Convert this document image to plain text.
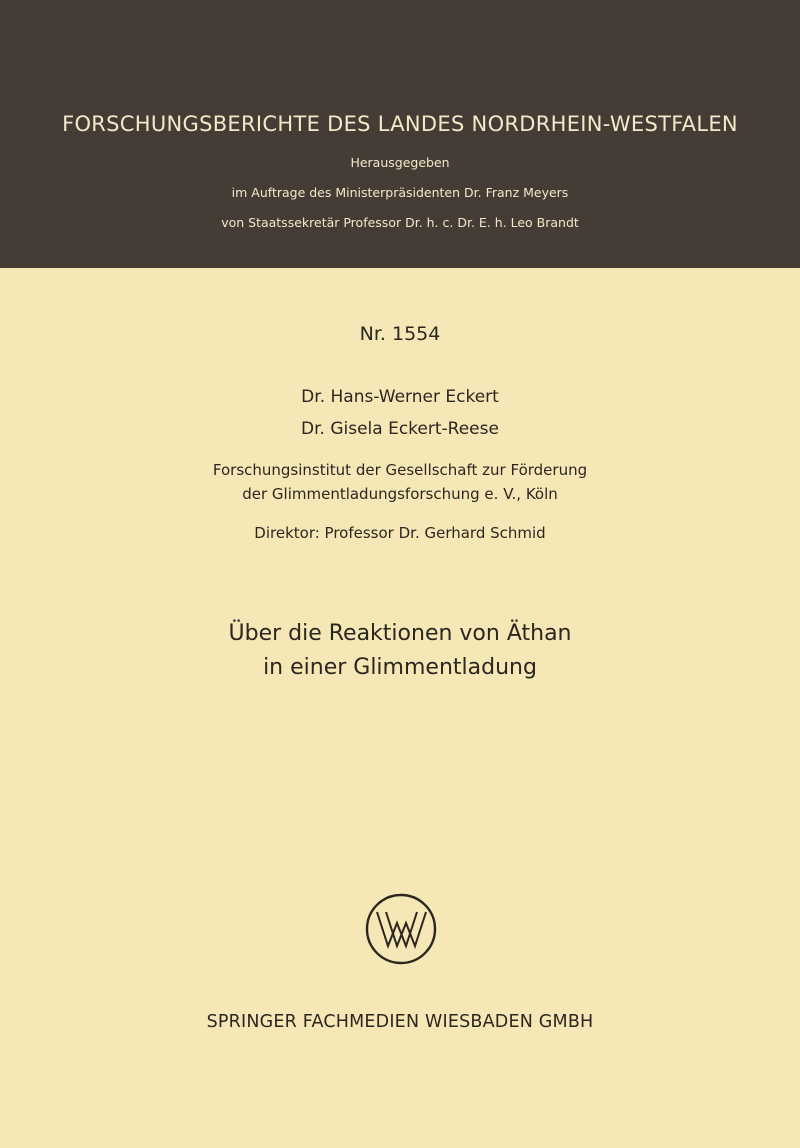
FORSCHUNGSBERICHTE DES LANDES NORDRHEIN-WESTFALEN
Herausgegeben
im Auftrage des Ministerpräsidenten Dr. Franz Meyers
von Staatssekretär Professor Dr. h. c. Dr. E. h. Leo Brandt
Nr. 1554
Dr. Hans-Werner Eckert
Dr. Gisela Eckert-Reese
Forschungsinstitut der Gesellschaft zur Förderung
der Glimmentladungsforschung e. V., Köln
Direktor: Professor Dr. Gerhard Schmid
Über die Reaktionen von Äthan
in einer Glimmentladung
SPRINGER FACHMEDIEN WIESBADEN GMBH
